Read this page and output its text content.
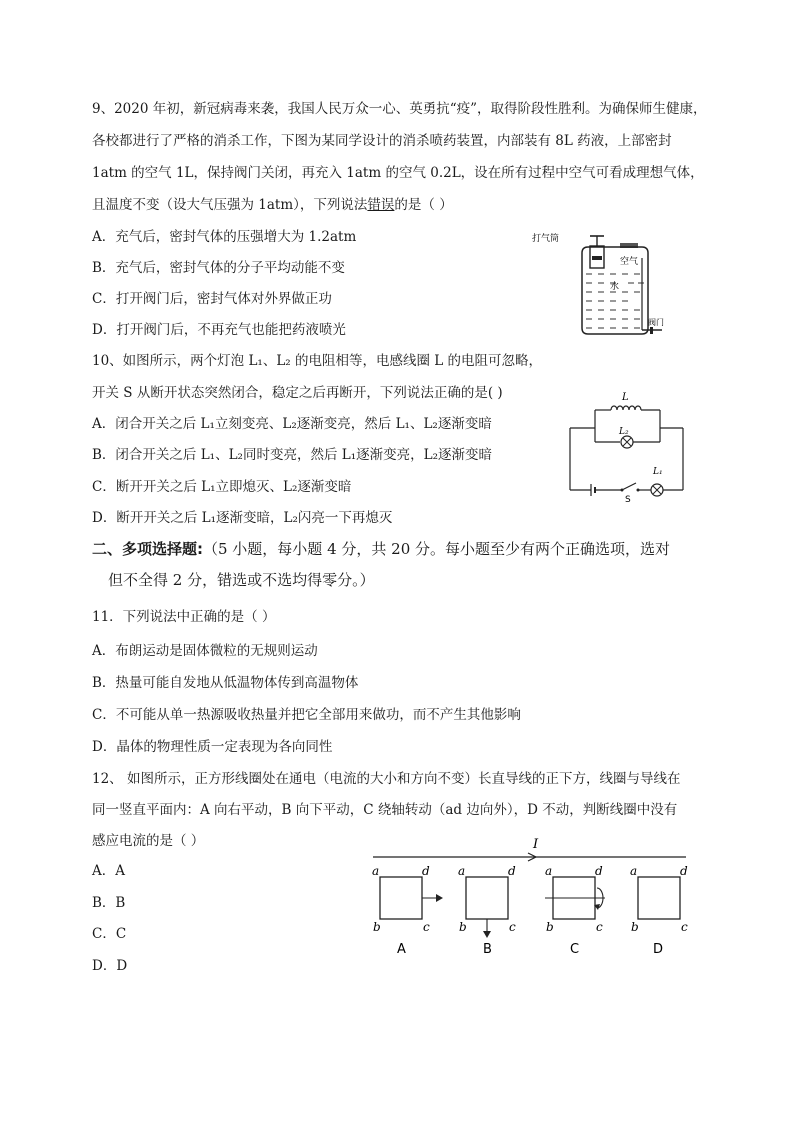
9、2020 年初，新冠病毒来袭，我国人民万众一心、英勇抗“疫”，取得阶段性胜利。为确保师生健康，
各校都进行了严格的消杀工作，下图为某同学设计的消杀喷药装置，内部装有 8L 药液，上部密封
1atm 的空气 1L，保持阀门关闭，再充入 1atm 的空气 0.2L，设在所有过程中空气可看成理想气体，
且温度不变（设大气压强为 1atm），下列说法错误的是（ ）
A．充气后，密封气体的压强增大为 1.2atm
B．充气后，密封气体的分子平均动能不变
C．打开阀门后，密封气体对外界做正功
D．打开阀门后，不再充气也能把药液喷光
打气筒
空气
水
阀门
10、如图所示，两个灯泡 L₁、L₂ 的电阻相等，电感线圈 L 的电阻可忽略，
开关 S 从断开状态突然闭合，稳定之后再断开，下列说法正确的是( )
A．闭合开关之后 L₁立刻变亮、L₂逐渐变亮，然后 L₁、L₂逐渐变暗
B．闭合开关之后 L₁、L₂同时变亮，然后 L₁逐渐变亮，L₂逐渐变暗
C．断开开关之后 L₁立即熄灭、L₂逐渐变暗
D．断开开关之后 L₁逐渐变暗，L₂闪亮一下再熄灭
L
L₂
S
L₁
二、多项选择题:（5 小题，每小题 4 分，共 20 分。每小题至少有两个正确选项，选对
但不全得 2 分，错选或不选均得零分。）
11．下列说法中正确的是（ ）
A．布朗运动是固体微粒的无规则运动
B．热量可能自发地从低温物体传到高温物体
C．不可能从单一热源吸收热量并把它全部用来做功，而不产生其他影响
D．晶体的物理性质一定表现为各向同性
12、 如图所示，正方形线圈处在通电（电流的大小和方向不变）长直导线的正下方，线圈与导线在
同一竖直平面内：A 向右平动，B 向下平动，C 绕轴转动（ad 边向外），D 不动，判断线圈中没有
感应电流的是（ ）
A．A
B．B
C．C
D．D
I
a	d
b	c
A
a	d
b	c
B
a	d
b	c
C
a	d
b	c
D
